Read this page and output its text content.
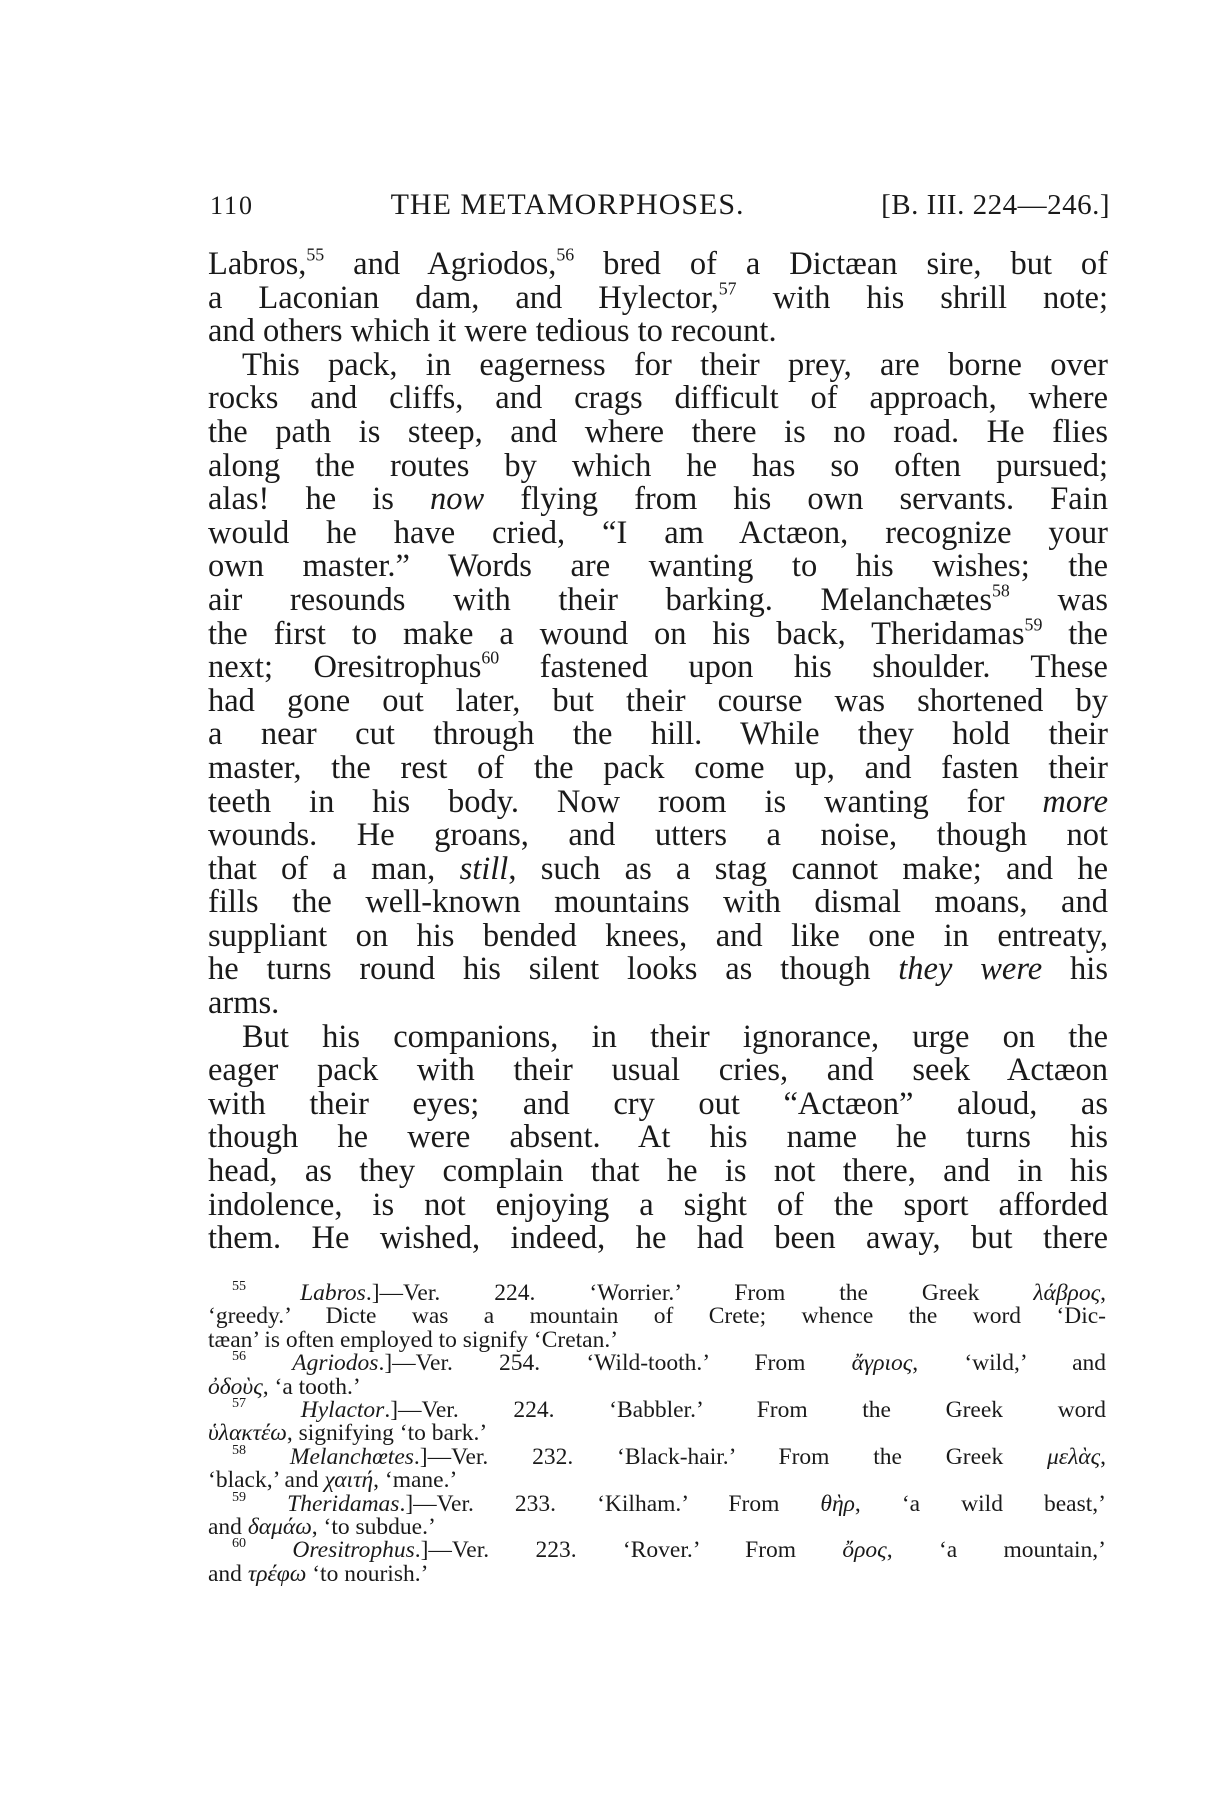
110	THE METAMORPHOSES.	[B. III. 224—246.]

Labros,$^{55}$ and Agriodos,$^{56}$ bred of a Dictæan sire, but of
a Laconian dam, and Hylector,$^{57}$ with his shrill note;
and others which it were tedious to recount.

This pack, in eagerness for their prey, are borne over
rocks and cliffs, and crags difficult of approach, where
the path is steep, and where there is no road. He flies
along the routes by which he has so often pursued;
alas! he is now flying from his own servants. Fain
would he have cried, “I am Actæon, recognize your
own master.” Words are wanting to his wishes; the
air resounds with their barking. Melanchætes$^{58}$ was
the first to make a wound on his back, Theridamas$^{59}$ the
next; Oresitrophus$^{60}$ fastened upon his shoulder. These
had gone out later, but their course was shortened by
a near cut through the hill. While they hold their
master, the rest of the pack come up, and fasten their
teeth in his body. Now room is wanting for more
wounds. He groans, and utters a noise, though not
that of a man, still, such as a stag cannot make; and he
fills the well-known mountains with dismal moans, and
suppliant on his bended knees, and like one in entreaty,
he turns round his silent looks as though they were his
arms.

But his companions, in their ignorance, urge on the
eager pack with their usual cries, and seek Actæon
with their eyes; and cry out “Actæon” aloud, as
though he were absent. At his name he turns his
head, as they complain that he is not there, and in his
indolence, is not enjoying a sight of the sport afforded
them. He wished, indeed, he had been away, but there

$^{55}$ Labros.]—Ver. 224. ‘Worrier.’ From the Greek λάβρος,
‘greedy.’ Dicte was a mountain of Crete; whence the word ‘Dic-
tæan’ is often employed to signify ‘Cretan.’

$^{56}$ Agriodos.]—Ver. 254. ‘Wild-tooth.’ From ἄγριος, ‘wild,’ and
ὀδοὺς, ‘a tooth.’

$^{57}$ Hylactor.]—Ver. 224. ‘Babbler.’ From the Greek word
ὑλακτέω, signifying ‘to bark.’

$^{58}$ Melanchœtes.]—Ver. 232. ‘Black-hair.’ From the Greek μελὰς,
‘black,’ and χαιτή, ‘mane.’

$^{59}$ Theridamas.]—Ver. 233. ‘Kilham.’ From θὴρ, ‘a wild beast,’
and δαμάω, ‘to subdue.’

$^{60}$ Oresitrophus.]—Ver. 223. ‘Rover.’ From ὄρος, ‘a mountain,’
and τρέφω ‘to nourish.’
